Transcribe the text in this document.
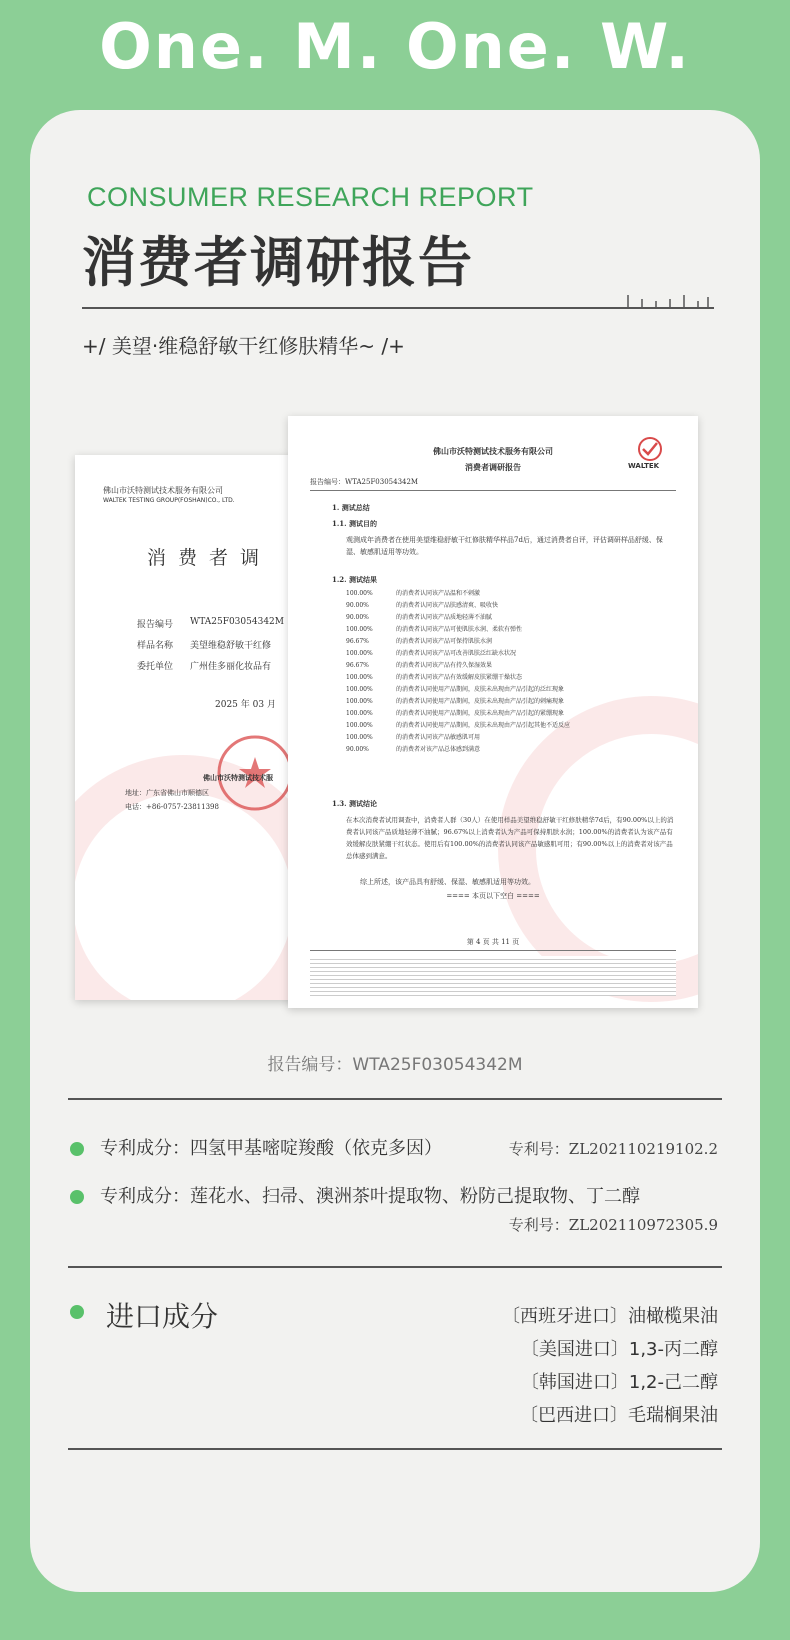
One. M. One. W.
CONSUMER RESEARCH REPORT
消费者调研报告
+/ 美望·维稳舒敏干红修肤精华~ /+
佛山市沃特测试技术服务有限公司
WALTEK TESTING GROUP(FOSHAN)CO., LTD.
消费者调
报告编号 WTA25F03054342M
样品名称 美望维稳舒敏干红修
委托单位 广州佳多丽化妆品有
2025 年 03 月
佛山市沃特测试技术服
地址：广东省佛山市顺德区
电话：+86-0757-23811398
佛山市沃特测试技术服务有限公司
消费者调研报告	WALTEK
报告编号：WTA25F03054342M
1. 测试总结
1.1. 测试目的
观测成年消费者在使用美望维稳舒敏干红修肤精华样品7d后，通过消费者自评，评估调研样品舒缓、保湿、敏感肌适用等功效。
1.2. 测试结果
100.00%	的消费者认同该产品温和不刺激
90.00%	的消费者认同该产品肤感清爽、吸收快
90.00%	的消费者认同该产品质地轻薄不油腻
100.00%	的消费者认同该产品可使肌肤水润、柔软有弹性
96.67%	的消费者认同该产品可保持肌肤水润
100.00%	的消费者认同该产品可改善肌肤泛红缺水状况
96.67%	的消费者认同该产品有持久保湿效果
100.00%	的消费者认同该产品有效缓解皮肤紧绷干燥状态
100.00%	的消费者认同使用产品期间，皮肤未出现由产品引起的泛红现象
100.00%	的消费者认同使用产品期间，皮肤未出现由产品引起的刺痛现象
100.00%	的消费者认同使用产品期间，皮肤未出现由产品引起的紧绷现象
100.00%	的消费者认同使用产品期间，皮肤未出现由产品引起其他不适反应
100.00%	的消费者认同该产品敏感肌可用
90.00%	的消费者对该产品总体感到满意
1.3. 测试结论
在本次消费者试用调查中，消费者人群（30人）在使用样品美望维稳舒敏干红修肤精华7d后，有90.00%以上的消费者认同该产品质地轻薄不油腻；96.67%以上消费者认为产品可保持肌肤水润；100.00%的消费者认为该产品有效缓解皮肤紧绷干红状态。使用后有100.00%的消费者认同该产品敏感肌可用；有90.00%以上的消费者对该产品总体感到满意。
综上所述，该产品具有舒缓、保湿、敏感肌适用等功效。
==== 本页以下空白 ====
第 4 页 共 11 页
报告编号：WTA25F03054342M
专利成分：四氢甲基嘧啶羧酸（依克多因）	专利号：ZL202110219102.2
专利成分：莲花水、扫帚、澳洲茶叶提取物、粉防己提取物、丁二醇
专利号：ZL202110972305.9
进口成分	〔西班牙进口〕油橄榄果油
〔美国进口〕1,3-丙二醇
〔韩国进口〕1,2-己二醇
〔巴西进口〕毛瑞榈果油
